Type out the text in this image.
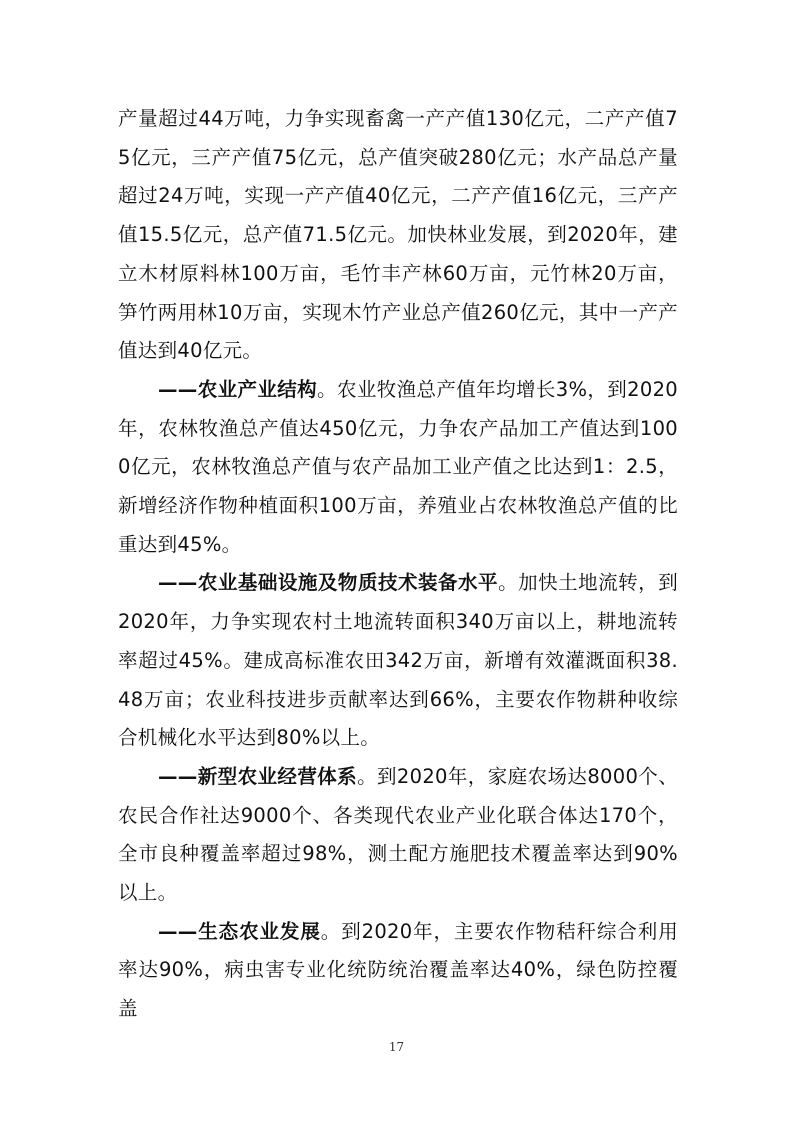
产量超过44万吨，力争实现畜禽一产产值130亿元，二产产值75亿元，三产产值75亿元，总产值突破280亿元；水产品总产量超过24万吨，实现一产产值40亿元，二产产值16亿元，三产产值15.5亿元，总产值71.5亿元。加快林业发展，到2020年，建立木材原料林100万亩，毛竹丰产林60万亩，元竹林20万亩，笋竹两用林10万亩，实现木竹产业总产值260亿元，其中一产产值达到40亿元。

——农业产业结构。农业牧渔总产值年均增长3%，到2020年，农林牧渔总产值达450亿元，力争农产品加工产值达到1000亿元，农林牧渔总产值与农产品加工业产值之比达到1：2.5，新增经济作物种植面积100万亩，养殖业占农林牧渔总产值的比重达到45%。

——农业基础设施及物质技术装备水平。加快土地流转，到2020年，力争实现农村土地流转面积340万亩以上，耕地流转率超过45%。建成高标准农田342万亩，新增有效灌溉面积38.48万亩；农业科技进步贡献率达到66%，主要农作物耕种收综合机械化水平达到80%以上。

——新型农业经营体系。到2020年，家庭农场达8000个、农民合作社达9000个、各类现代农业产业化联合体达170个，全市良种覆盖率超过98%，测土配方施肥技术覆盖率达到90%以上。

——生态农业发展。到2020年，主要农作物秸秆综合利用率达90%，病虫害专业化统防统治覆盖率达40%，绿色防控覆盖

17
